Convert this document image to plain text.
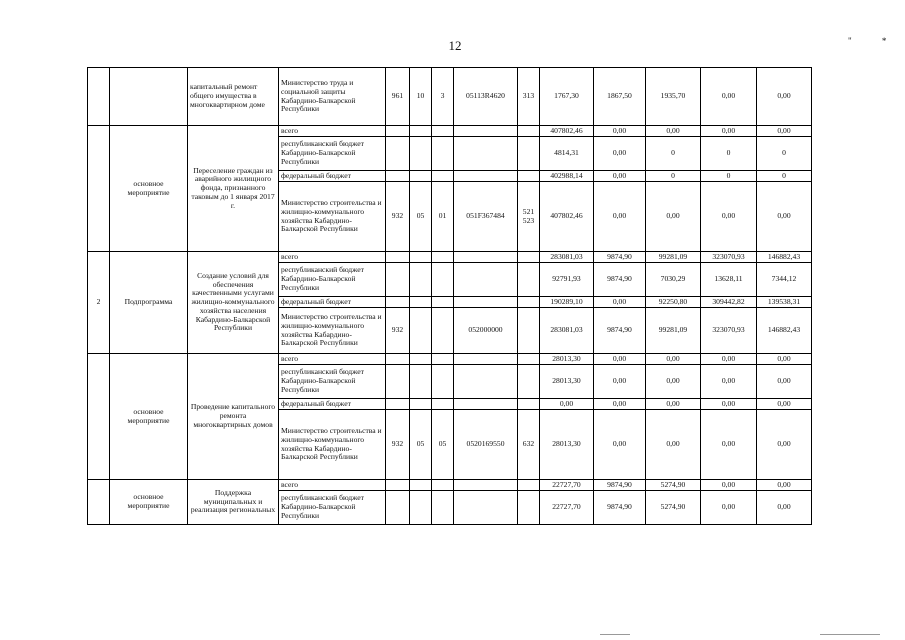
12	" *
		капитальный ремонт общего имущества в многоквартирном доме	Министерство труда и социальной защиты Кабардино-Балкарской Республики	961	10	3	05113R4620	313	1767,30	1867,50	1935,70	0,00	0,00
	основное мероприятие	Переселение граждан из аварийного жилищного фонда, признанного таковым до 1 января 2017 г.	всего						407802,46	0,00	0,00	0,00	0,00
			республиканский бюджет Кабардино-Балкарской Республики						4814,31	0,00	0	0	0
			федеральный бюджет						402988,14	0,00	0	0	0
			Министерство строительства и жилищно-коммунального хозяйства Кабардино-Балкарской Республики	932	05	01	051F367484	521 523	407802,46	0,00	0,00	0,00	0,00
2	Подпрограмма	Создание условий для обеспечения качественными услугами жилищно-коммунального хозяйства населения Кабардино-Балкарской Республики	всего						283081,03	9874,90	99281,09	323070,93	146882,43
			республиканский бюджет Кабардино-Балкарской Республики						92791,93	9874,90	7030,29	13628,11	7344,12
			федеральный бюджет						190289,10	0,00	92250,80	309442,82	139538,31
			Министерство строительства и жилищно-коммунального хозяйства Кабардино-Балкарской Республики	932			052000000		283081,03	9874,90	99281,09	323070,93	146882,43
	основное мероприятие	Проведение капитального ремонта многоквартирных домов	всего						28013,30	0,00	0,00	0,00	0,00
			республиканский бюджет Кабардино-Балкарской Республики						28013,30	0,00	0,00	0,00	0,00
			федеральный бюджет						0,00	0,00	0,00	0,00	0,00
			Министерство строительства и жилищно-коммунального хозяйства Кабардино-Балкарской Республики	932	05	05	0520169550	632	28013,30	0,00	0,00	0,00	0,00
	основное мероприятие	Поддержка муниципальных и реализация региональных	всего						22727,70	9874,90	5274,90	0,00	0,00
			республиканский бюджет Кабардино-Балкарской Республики						22727,70	9874,90	5274,90	0,00	0,00
